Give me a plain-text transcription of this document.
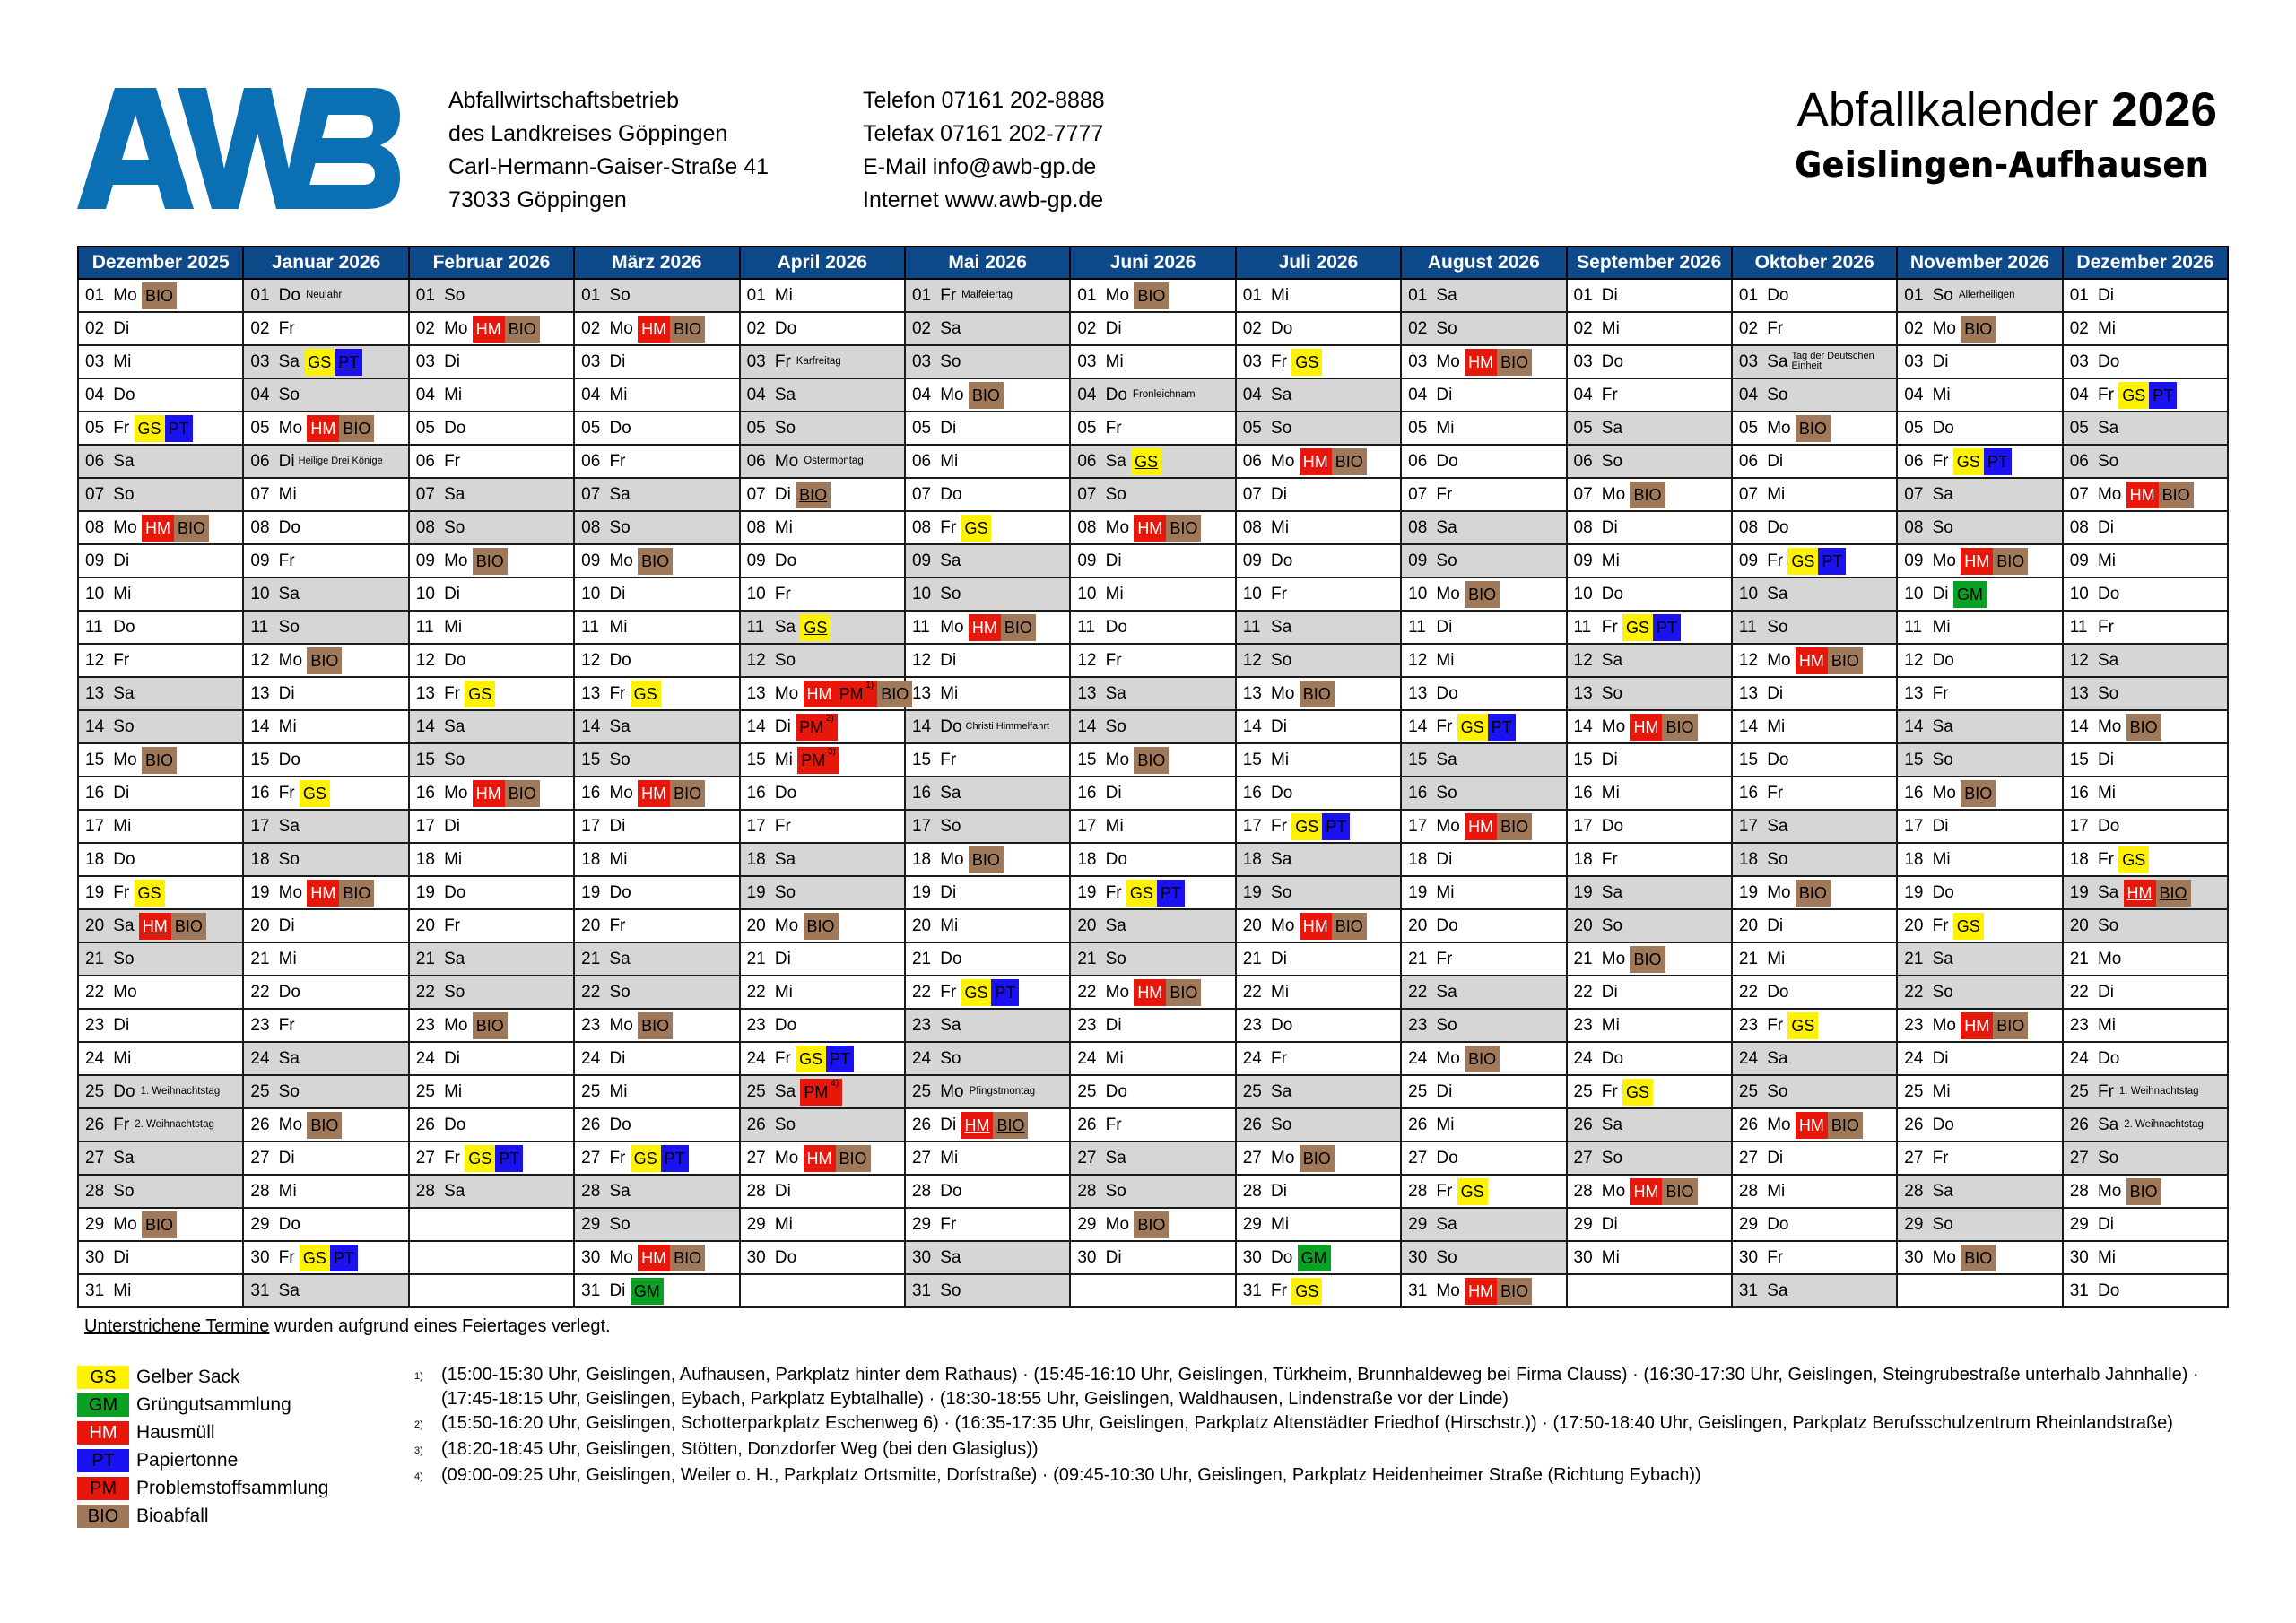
Abfallwirtschaftsbetrieb
des Landkreises Göppingen
Carl-Hermann-Gaiser-Straße 41
73033 Göppingen
Telefon 07161 202-8888
Telefax 07161 202-7777
E-Mail info@awb-gp.de
Internet www.awb-gp.de
Abfallkalender 2026
Geislingen-Aufhausen
Dezember 2025	Januar 2026	Februar 2026	März 2026	April 2026	Mai 2026	Juni 2026	Juli 2026	August 2026	September 2026	Oktober 2026	November 2026	Dezember 2026
01 Mo BIO	01 Do Neujahr	01 So	01 So	01 Mi	01 Fr Maifeiertag	01 Mo BIO	01 Mi	01 Sa	01 Di	01 Do	01 So Allerheiligen	01 Di
02 Di	02 Fr	02 Mo HM BIO	02 Mo HM BIO	02 Do	02 Sa	02 Di	02 Do	02 So	02 Mi	02 Fr	02 Mo BIO	02 Mi
03 Mi	03 Sa GS PT	03 Di	03 Di	03 Fr Karfreitag	03 So	03 Mi	03 Fr GS	03 Mo HM BIO	03 Do	03 Sa Tag der Deutschen Einheit	03 Di	03 Do
04 Do	04 So	04 Mi	04 Mi	04 Sa	04 Mo BIO	04 Do Fronleichnam	04 Sa	04 Di	04 Fr	04 So	04 Mi	04 Fr GS PT
05 Fr GS PT	05 Mo HM BIO	05 Do	05 Do	05 So	05 Di	05 Fr	05 So	05 Mi	05 Sa	05 Mo BIO	05 Do	05 Sa
06 Sa	06 Di Heilige Drei Könige	06 Fr	06 Fr	06 Mo Ostermontag	06 Mi	06 Sa GS	06 Mo HM BIO	06 Do	06 So	06 Di	06 Fr GS PT	06 So
07 So	07 Mi	07 Sa	07 Sa	07 Di BIO	07 Do	07 So	07 Di	07 Fr	07 Mo BIO	07 Mi	07 Sa	07 Mo HM BIO
08 Mo HM BIO	08 Do	08 So	08 So	08 Mi	08 Fr GS	08 Mo HM BIO	08 Mi	08 Sa	08 Di	08 Do	08 So	08 Di
09 Di	09 Fr	09 Mo BIO	09 Mo BIO	09 Do	09 Sa	09 Di	09 Do	09 So	09 Mi	09 Fr GS PT	09 Mo HM BIO	09 Mi
10 Mi	10 Sa	10 Di	10 Di	10 Fr	10 So	10 Mi	10 Fr	10 Mo BIO	10 Do	10 Sa	10 Di GM	10 Do
11 Do	11 So	11 Mi	11 Mi	11 Sa GS	11 Mo HM BIO	11 Do	11 Sa	11 Di	11 Fr GS PT	11 So	11 Mi	11 Fr
12 Fr	12 Mo BIO	12 Do	12 Do	12 So	12 Di	12 Fr	12 So	12 Mi	12 Sa	12 Mo HM BIO	12 Do	12 Sa
13 Sa	13 Di	13 Fr GS	13 Fr GS	13 Mo HM PM $^{1)}$ BIO	13 Mi	13 Sa	13 Mo BIO	13 Do	13 So	13 Di	13 Fr	13 So
14 So	14 Mi	14 Sa	14 Sa	14 Di PM $^{2)}$	14 Do Christi Himmelfahrt	14 So	14 Di	14 Fr GS PT	14 Mo HM BIO	14 Mi	14 Sa	14 Mo BIO
15 Mo BIO	15 Do	15 So	15 So	15 Mi PM $^{3)}$	15 Fr	15 Mo BIO	15 Mi	15 Sa	15 Di	15 Do	15 So	15 Di
16 Di	16 Fr GS	16 Mo HM BIO	16 Mo HM BIO	16 Do	16 Sa	16 Di	16 Do	16 So	16 Mi	16 Fr	16 Mo BIO	16 Mi
17 Mi	17 Sa	17 Di	17 Di	17 Fr	17 So	17 Mi	17 Fr GS PT	17 Mo HM BIO	17 Do	17 Sa	17 Di	17 Do
18 Do	18 So	18 Mi	18 Mi	18 Sa	18 Mo BIO	18 Do	18 Sa	18 Di	18 Fr	18 So	18 Mi	18 Fr GS
19 Fr GS	19 Mo HM BIO	19 Do	19 Do	19 So	19 Di	19 Fr GS PT	19 So	19 Mi	19 Sa	19 Mo BIO	19 Do	19 Sa HM BIO
20 Sa HM BIO	20 Di	20 Fr	20 Fr	20 Mo BIO	20 Mi	20 Sa	20 Mo HM BIO	20 Do	20 So	20 Di	20 Fr GS	20 So
21 So	21 Mi	21 Sa	21 Sa	21 Di	21 Do	21 So	21 Di	21 Fr	21 Mo BIO	21 Mi	21 Sa	21 Mo
22 Mo	22 Do	22 So	22 So	22 Mi	22 Fr GS PT	22 Mo HM BIO	22 Mi	22 Sa	22 Di	22 Do	22 So	22 Di
23 Di	23 Fr	23 Mo BIO	23 Mo BIO	23 Do	23 Sa	23 Di	23 Do	23 So	23 Mi	23 Fr GS	23 Mo HM BIO	23 Mi
24 Mi	24 Sa	24 Di	24 Di	24 Fr GS PT	24 So	24 Mi	24 Fr	24 Mo BIO	24 Do	24 Sa	24 Di	24 Do
25 Do 1. Weihnachtstag	25 So	25 Mi	25 Mi	25 Sa PM $^{4)}$	25 Mo Pfingstmontag	25 Do	25 Sa	25 Di	25 Fr GS	25 So	25 Mi	25 Fr 1. Weihnachtstag
26 Fr 2. Weihnachtstag	26 Mo BIO	26 Do	26 Do	26 So	26 Di HM BIO	26 Fr	26 So	26 Mi	26 Sa	26 Mo HM BIO	26 Do	26 Sa 2. Weihnachtstag
27 Sa	27 Di	27 Fr GS PT	27 Fr GS PT	27 Mo HM BIO	27 Mi	27 Sa	27 Mo BIO	27 Do	27 So	27 Di	27 Fr	27 So
28 So	28 Mi	28 Sa	28 Sa	28 Di	28 Do	28 So	28 Di	28 Fr GS	28 Mo HM BIO	28 Mi	28 Sa	28 Mo BIO
29 Mo BIO	29 Do		29 So	29 Mi	29 Fr	29 Mo BIO	29 Mi	29 Sa	29 Di	29 Do	29 So	29 Di
30 Di	30 Fr GS PT		30 Mo HM BIO	30 Do	30 Sa	30 Di	30 Do GM	30 So	30 Mi	30 Fr	30 Mo BIO	30 Mi
31 Mi	31 Sa		31 Di GM		31 So		31 Fr GS	31 Mo HM BIO		31 Sa		31 Do
Unterstrichene Termine wurden aufgrund eines Feiertages verlegt.
GS	Gelber Sack
GM Grüngutsammlung
HM	Hausmüll
PT	Papiertonne
PM	Problemstoffsammlung
BIO Bioabfall
1)	(15:00-15:30 Uhr, Geislingen, Aufhausen, Parkplatz hinter dem Rathaus) · (15:45-16:10 Uhr, Geislingen, Türkheim, Brunnhaldeweg bei Firma Clauss) · (16:30-17:30 Uhr, Geislingen, Steingrubestraße unterhalb Jahnhalle) · (17:45-18:15 Uhr, Geislingen, Eybach, Parkplatz Eybtalhalle) · (18:30-18:55 Uhr, Geislingen, Waldhausen, Lindenstraße vor der Linde)
2)	(15:50-16:20 Uhr, Geislingen, Schotterparkplatz Eschenweg 6) · (16:35-17:35 Uhr, Geislingen, Parkplatz Altenstädter Friedhof (Hirschstr.)) · (17:50-18:40 Uhr, Geislingen, Parkplatz Berufsschulzentrum Rheinlandstraße)
3)	(18:20-18:45 Uhr, Geislingen, Stötten, Donzdorfer Weg (bei den Glasiglus))
4)	(09:00-09:25 Uhr, Geislingen, Weiler o. H., Parkplatz Ortsmitte, Dorfstraße) · (09:45-10:30 Uhr, Geislingen, Parkplatz Heidenheimer Straße (Richtung Eybach))
